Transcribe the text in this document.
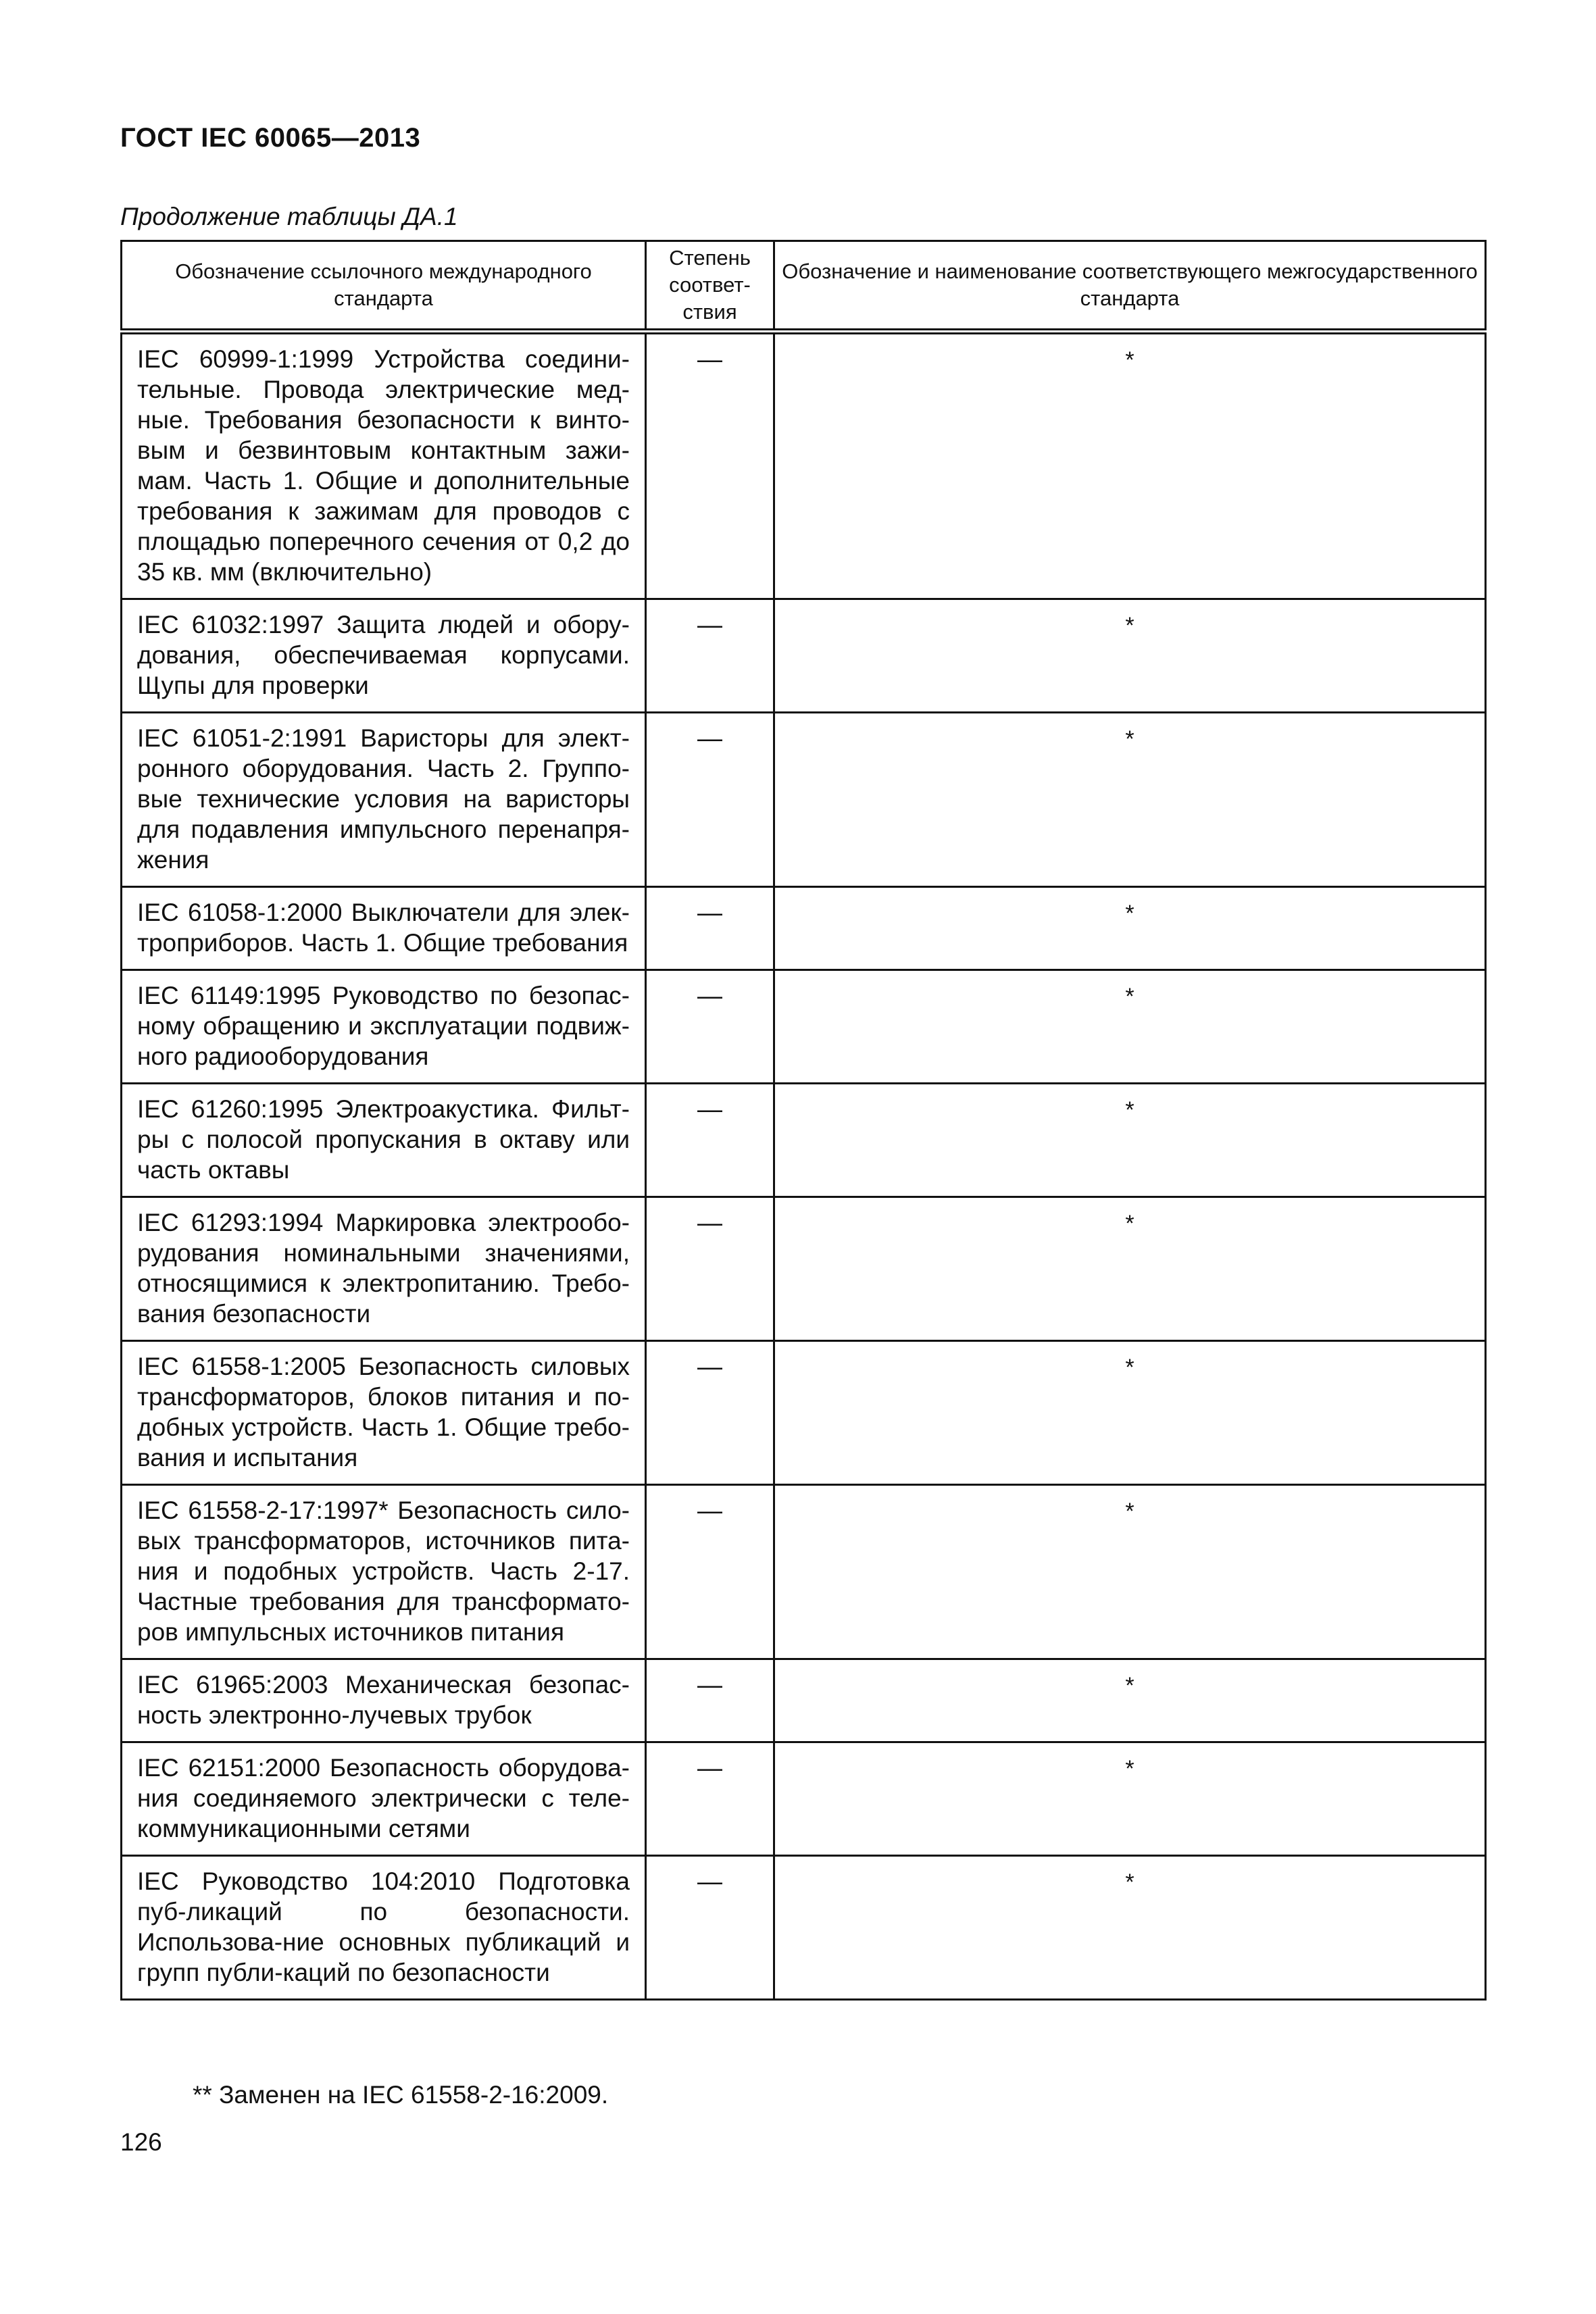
ГОСТ IEC 60065—2013
Продолжение таблицы ДА.1
Обозначение ссылочного международного стандарта	Степень соответ-ствия	Обозначение и наименование соответствующего межгосударственного стандарта
IEC 60999-1:1999 Устройства соедини-тельные. Провода электрические мед-ные. Требования безопасности к винто-вым и безвинтовым контактным зажи-мам. Часть 1. Общие и дополнительные требования к зажимам для проводов с площадью поперечного сечения от 0,2 до 35 кв. мм (включительно)	—	*
IEC 61032:1997 Защита людей и обору-дования, обеспечиваемая корпусами. Щупы для проверки	—	*
IEC 61051-2:1991 Варисторы для элект-ронного оборудования. Часть 2. Группо-вые технические условия на варисторы для подавления импульсного перенапря-жения	—	*
IEC 61058-1:2000 Выключатели для элек-троприборов. Часть 1. Общие требования	—	*
IEC 61149:1995 Руководство по безопас-ному обращению и эксплуатации подвиж-ного радиооборудования	—	*
IEC 61260:1995 Электроакустика. Фильт-ры с полосой пропускания в октаву или часть октавы	—	*
IEC 61293:1994 Маркировка электрообо-рудования номинальными значениями, относящимися к электропитанию. Требо-вания безопасности	—	*
IEC 61558-1:2005 Безопасность силовых трансформаторов, блоков питания и по-добных устройств. Часть 1. Общие требо-вания и испытания	—	*
IEC 61558-2-17:1997* Безопасность сило-вых трансформаторов, источников пита-ния и подобных устройств. Часть 2-17. Частные требования для трансформато-ров импульсных источников питания	—	*
IEC 61965:2003 Механическая безопас-ность электронно-лучевых трубок	—	*
IEC 62151:2000 Безопасность оборудова-ния соединяемого электрически с теле-коммуникационными сетями	—	*
IEC Руководство 104:2010 Подготовка пуб-ликаций по безопасности. Использова-ние основных публикаций и групп публи-каций по безопасности	—	*
** Заменен на IEC 61558-2-16:2009.
126
